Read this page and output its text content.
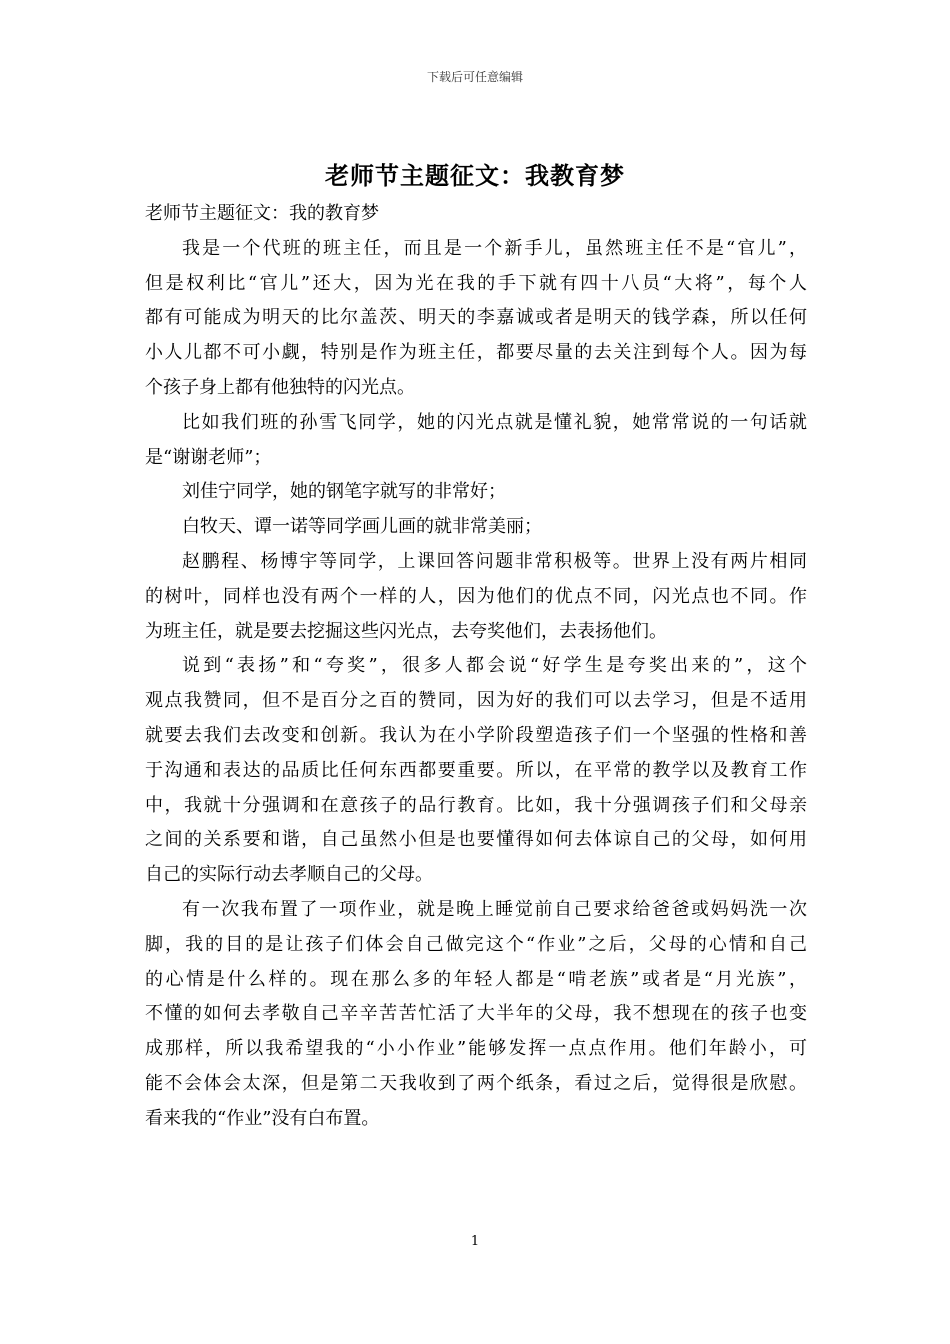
下载后可任意编辑
老师节主题征文：我教育梦
老师节主题征文：我的教育梦
我是一个代班的班主任，而且是一个新手儿，虽然班主任不是“官儿”，
但是权利比“官儿”还大，因为光在我的手下就有四十八员“大将”，每个人
都有可能成为明天的比尔盖茨、明天的李嘉诚或者是明天的钱学森，所以任何
小人儿都不可小觑，特别是作为班主任，都要尽量的去关注到每个人。因为每
个孩子身上都有他独特的闪光点。
比如我们班的孙雪飞同学，她的闪光点就是懂礼貌，她常常说的一句话就
是“谢谢老师”；
刘佳宁同学，她的钢笔字就写的非常好；
白牧天、谭一诺等同学画儿画的就非常美丽；
赵鹏程、杨博宇等同学，上课回答问题非常积极等。世界上没有两片相同
的树叶，同样也没有两个一样的人，因为他们的优点不同，闪光点也不同。作
为班主任，就是要去挖掘这些闪光点，去夸奖他们，去表扬他们。
说到“表扬”和“夸奖”，很多人都会说“好学生是夸奖出来的”，这个
观点我赞同，但不是百分之百的赞同，因为好的我们可以去学习，但是不适用
就要去我们去改变和创新。我认为在小学阶段塑造孩子们一个坚强的性格和善
于沟通和表达的品质比任何东西都要重要。所以，在平常的教学以及教育工作
中，我就十分强调和在意孩子的品行教育。比如，我十分强调孩子们和父母亲
之间的关系要和谐，自己虽然小但是也要懂得如何去体谅自己的父母，如何用
自己的实际行动去孝顺自己的父母。
有一次我布置了一项作业，就是晚上睡觉前自己要求给爸爸或妈妈洗一次
脚，我的目的是让孩子们体会自己做完这个“作业”之后，父母的心情和自己
的心情是什么样的。现在那么多的年轻人都是“啃老族”或者是“月光族”，
不懂的如何去孝敬自己辛辛苦苦忙活了大半年的父母，我不想现在的孩子也变
成那样，所以我希望我的“小小作业”能够发挥一点点作用。他们年龄小，可
能不会体会太深，但是第二天我收到了两个纸条，看过之后，觉得很是欣慰。
看来我的“作业”没有白布置。
1
